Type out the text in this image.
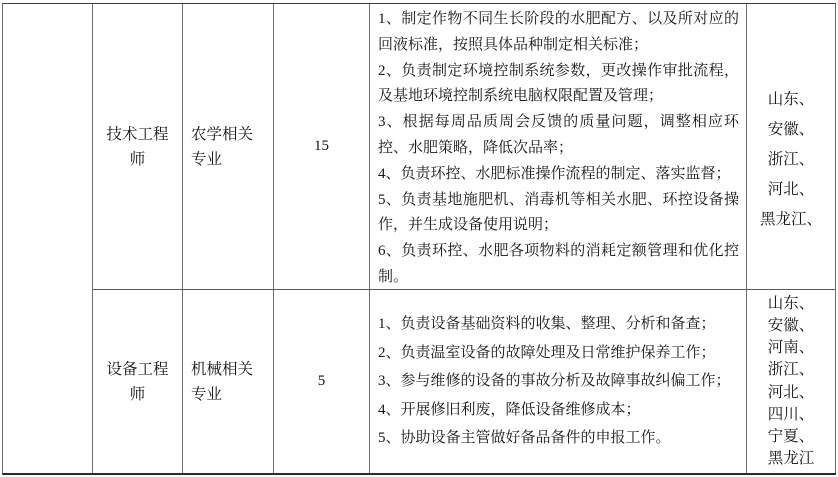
技术工程师
农学相关专业
15
1、制定作物不同生长阶段的水肥配方、以及所对应的回液标准，按照具体品种制定相关标准；
2、负责制定环境控制系统参数，更改操作审批流程，及基地环境控制系统电脑权限配置及管理；
3、根据每周品质周会反馈的质量问题，调整相应环控、水肥策略，降低次品率；
4、负责环控、水肥标准操作流程的制定、落实监督；
5、负责基地施肥机、消毒机等相关水肥、环控设备操作，并生成设备使用说明；
6、负责环控、水肥各项物料的消耗定额管理和优化控制。
山东、
安徽、
浙江、
河北、
黑龙江、
设备工程师
机械相关专业
5
1、负责设备基础资料的收集、整理、分析和备查；
2、负责温室设备的故障处理及日常维护保养工作；
3、参与维修的设备的事故分析及故障事故纠偏工作；
4、开展修旧利废，降低设备维修成本；
5、协助设备主管做好备品备件的申报工作。
山东、
安徽、
河南、
浙江、
河北、
四川、
宁夏、
黑龙江
